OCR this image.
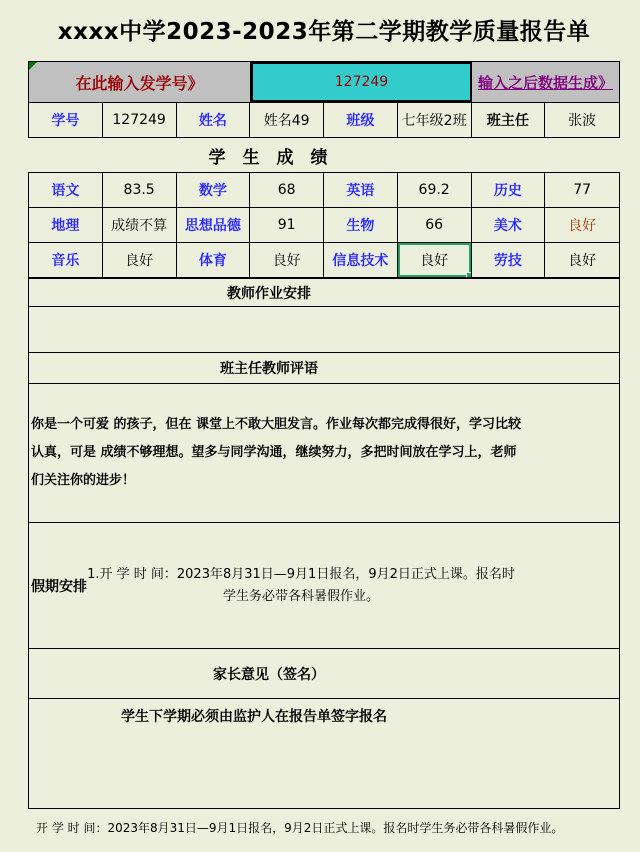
xxxx中学2023-2023年第二学期教学质量报告单
在此输入发学号》	127249	输入之后数据生成》
学号	127249	姓名	姓名49	班级	七年级2班	班主任	张波
学　生　成　绩
语文	83.5	数学	68	英语	69.2	历史	77
地理	成绩不算	思想品德	91	生物	66	美术	良好
音乐	良好	体育	良好	信息技术	良好	劳技	良好
教师作业安排
班主任教师评语
你是一个可爱 的孩子，但在 课堂上不敢大胆发言。作业每次都完成得很好，学习比较认真，可是 成绩不够理想。望多与同学沟通，继续努力，多把时间放在学习上，老师们关注你的进步！
假期安排
1.开 学 时 间：2023年8月31日—9月1日报名，9月2日正式上课。报名时学生务必带各科暑假作业。
家长意见（签名）
学生下学期必须由监护人在报告单签字报名
开 学 时 间：2023年8月31日—9月1日报名，9月2日正式上课。报名时学生务必带各科暑假作业。
